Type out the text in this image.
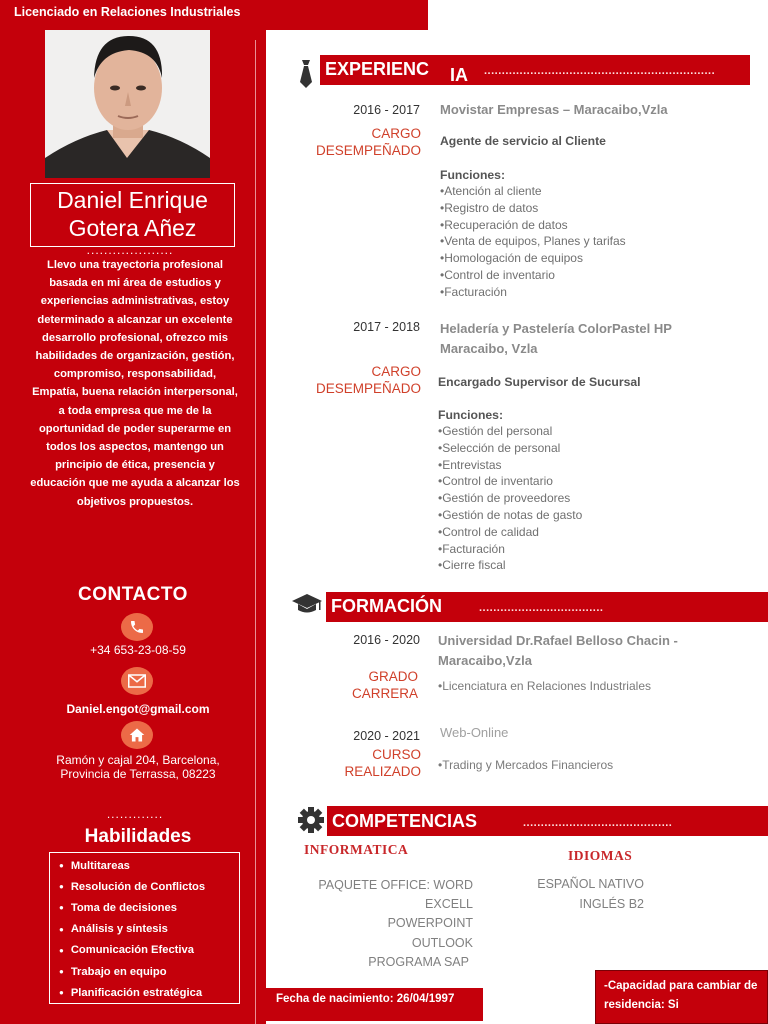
Licenciado en Relaciones Industriales
Daniel Enrique
Gotera Añez
....................
Llevo una trayectoria profesional basada en mi área de estudios y experiencias administrativas, estoy determinado a alcanzar un excelente desarrollo profesional, ofrezco mis habilidades de organización, gestión, compromiso, responsabilidad, Empatía, buena relación interpersonal, a toda empresa que me de la oportunidad de poder superarme en todos los aspectos, mantengo un principio de ética, presencia y educación que me ayuda a alcanzar los objetivos propuestos.
CONTACTO
+34 653-23-08-59
Daniel.engot@gmail.com
Ramón y cajal 204, Barcelona,
Provincia de Terrassa, 08223
.............
Habilidades
● Multitareas
● Resolución de Conflictos
● Toma de decisiones
● Análisis y síntesis
● Comunicación Efectiva
● Trabajo en equipo
● Planificación estratégica
Fecha de nacimiento: 26/04/1997
-Capacidad para cambiar de
residencia: Si
EXPERIENC IA .................................................................
2016 - 2017 Movistar Empresas – Maracaibo,Vzla
CARGO
DESEMPEÑADO
Agente de servicio al Cliente
Funciones:
•Atención al cliente
•Registro de datos
•Recuperación de datos
•Venta de equipos, Planes y tarifas
•Homologación de equipos
•Control de inventario
•Facturación
2017 - 2018 Heladería y Pastelería ColorPastel HP
Maracaibo, Vzla
CARGO
DESEMPEÑADO Encargado Supervisor de Sucursal
Funciones:
•Gestión del personal
•Selección de personal
•Entrevistas
•Control de inventario
•Gestión de proveedores
•Gestión de notas de gasto
•Control de calidad
•Facturación
•Cierre fiscal
FORMACIÓN	...................................
2016 - 2020 Universidad Dr.Rafael Belloso Chacin -
Maracaibo,Vzla
GRADO
CARRERA •Licenciatura en Relaciones Industriales
2020 - 2021 Web-Online
CURSO
REALIZADO •Trading y Mercados Financieros
COMPETENCIAS	..........................................
INFORMATICA
PAQUETE OFFICE: WORD
EXCELL
POWERPOINT
OUTLOOK
PROGRAMA SAP
IDIOMAS
ESPAÑOL NATIVO
INGLÉS B2
